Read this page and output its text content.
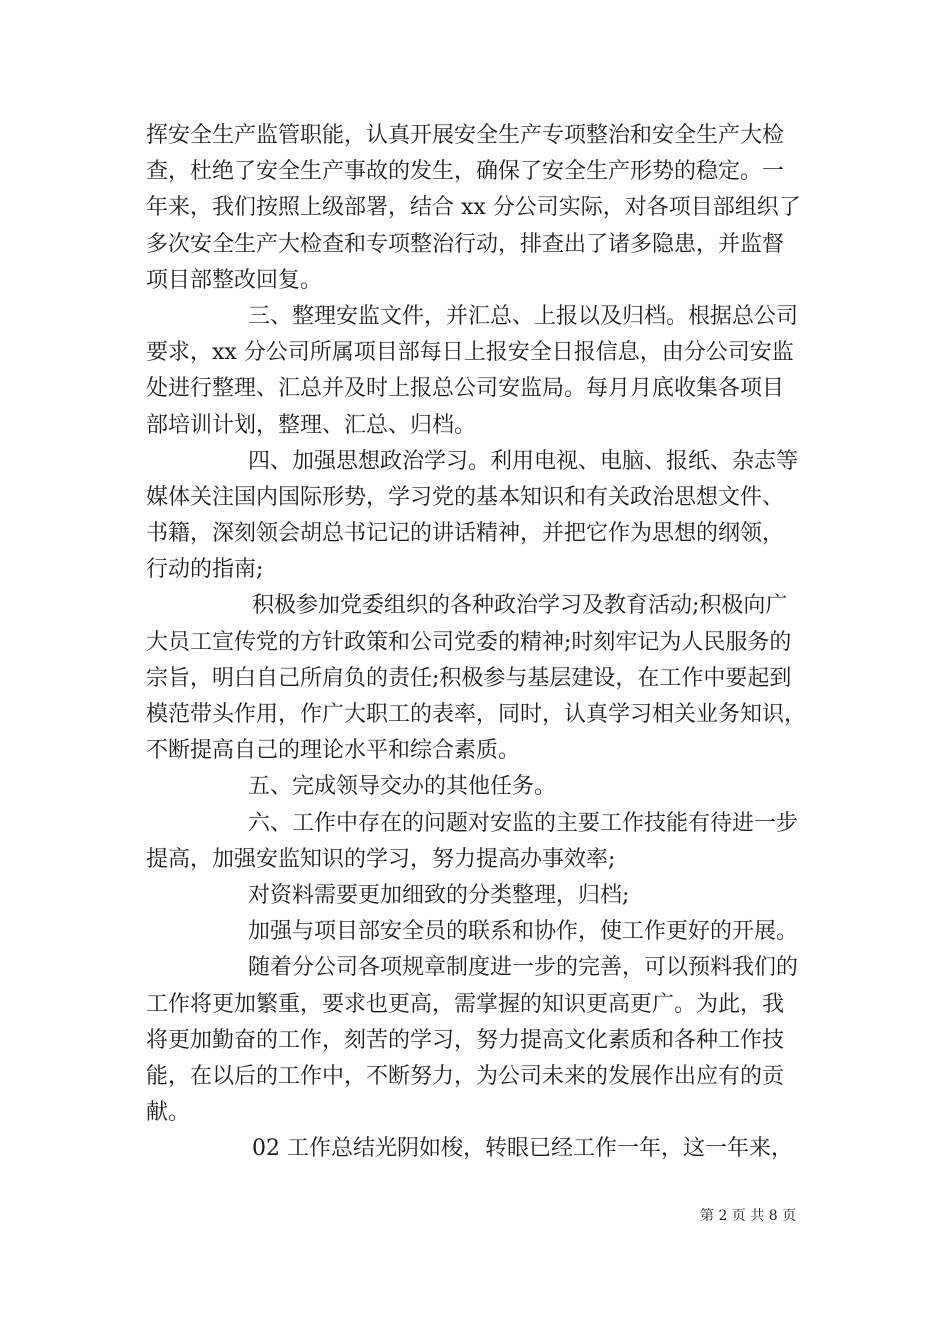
挥安全生产监管职能，认真开展安全生产专项整治和安全生产大检
查，杜绝了安全生产事故的发生，确保了安全生产形势的稳定。一
年来，我们按照上级部署，结合 xx 分公司实际，对各项目部组织了
多次安全生产大检查和专项整治行动，排查出了诸多隐患，并监督
项目部整改回复。
三、整理安监文件，并汇总、上报以及归档。根据总公司
要求，xx 分公司所属项目部每日上报安全日报信息，由分公司安监
处进行整理、汇总并及时上报总公司安监局。每月月底收集各项目
部培训计划，整理、汇总、归档。
四、加强思想政治学习。利用电视、电脑、报纸、杂志等
媒体关注国内国际形势，学习党的基本知识和有关政治思想文件、
书籍，深刻领会胡总书记记的讲话精神，并把它作为思想的纲领，
行动的指南;
积极参加党委组织的各种政治学习及教育活动;积极向广
大员工宣传党的方针政策和公司党委的精神;时刻牢记为人民服务的
宗旨，明白自己所肩负的责任;积极参与基层建设，在工作中要起到
模范带头作用，作广大职工的表率，同时，认真学习相关业务知识，
不断提高自己的理论水平和综合素质。
五、完成领导交办的其他任务。
六、工作中存在的问题对安监的主要工作技能有待进一步
提高，加强安监知识的学习，努力提高办事效率;
对资料需要更加细致的分类整理，归档;
加强与项目部安全员的联系和协作，使工作更好的开展。
随着分公司各项规章制度进一步的完善，可以预料我们的
工作将更加繁重，要求也更高，需掌握的知识更高更广。为此，我
将更加勤奋的工作，刻苦的学习，努力提高文化素质和各种工作技
能，在以后的工作中，不断努力，为公司未来的发展作出应有的贡
献。
02 工作总结光阴如梭，转眼已经工作一年，这一年来，
第 2 页 共 8 页
